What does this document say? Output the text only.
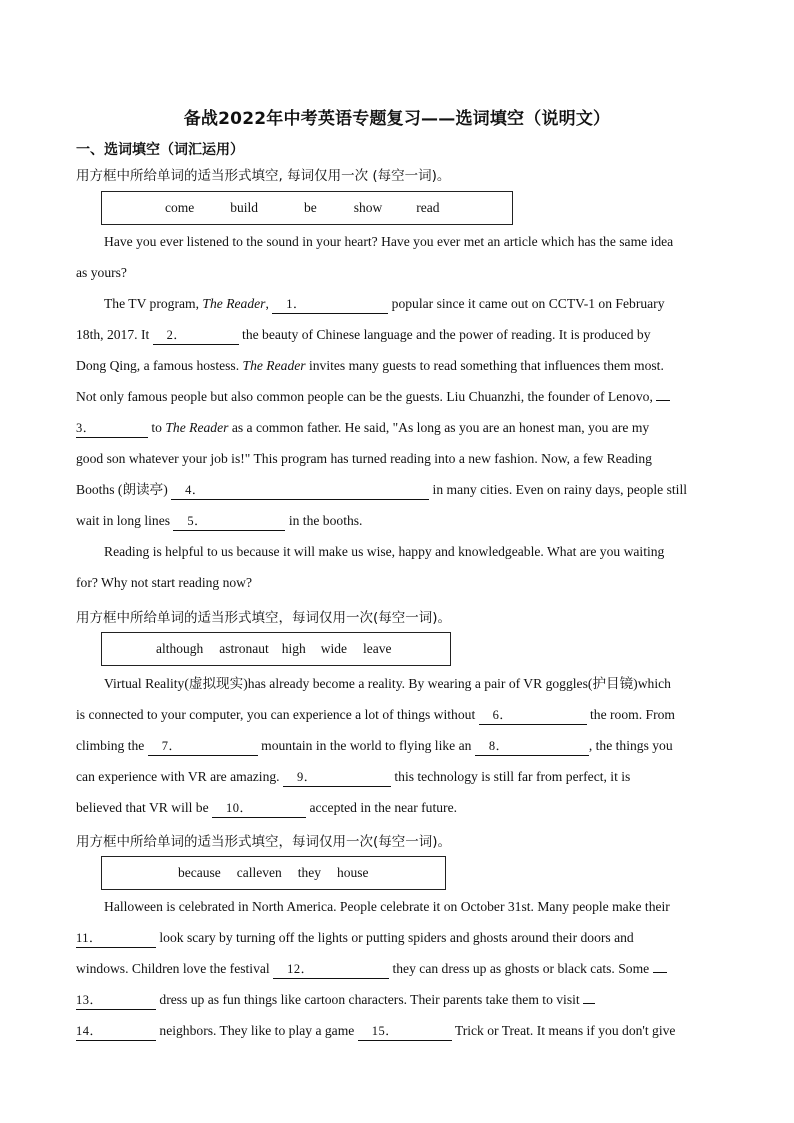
备战2022年中考英语专题复习——选词填空（说明文）
一、选词填空（词汇运用）
用方框中所给单词的适当形式填空, 每词仅用一次 (每空一词)。
come	build	be	show	read
Have you ever listened to the sound in your heart? Have you ever met an article which has the same idea
as yours?
The TV program, The Reader, 1．	popular since it came out on CCTV-1 on February
18th, 2017. It 2．	the beauty of Chinese language and the power of reading. It is produced by
Dong Qing, a famous hostess. The Reader invites many guests to read something that influences them most.
Not only famous people but also common people can be the guests. Liu Chuanzhi, the founder of Lenovo,
3．	to The Reader as a common father. He said, "As long as you are an honest man, you are my
good son whatever your job is!" This program has turned reading into a new fashion. Now, a few Reading
Booths (朗读亭) 4．	in many cities. Even on rainy days, people still
wait in long lines 5．	in the booths.
Reading is helpful to us because it will make us wise, happy and knowledgeable. What are you waiting
for? Why not start reading now?
用方框中所给单词的适当形式填空，每词仅用一次(每空一词)。
although astronaut high wide leave
Virtual Reality(虚拟现实)has already become a reality. By wearing a pair of VR goggles(护目镜)which
is connected to your computer, you can experience a lot of things without 6．	the room. From
climbing the 7．	mountain in the world to flying like an 8．	, the things you
can experience with VR are amazing. 9．	this technology is still far from perfect, it is
believed that VR will be 10．	accepted in the near future.
用方框中所给单词的适当形式填空，每词仅用一次(每空一词)。
because calleven they house
Halloween is celebrated in North America. People celebrate it on October 31st. Many people make their
11．	look scary by turning off the lights or putting spiders and ghosts around their doors and
windows. Children love the festival 12．	they can dress up as ghosts or black cats. Some
13．	dress up as fun things like cartoon characters. Their parents take them to visit
14．	neighbors. They like to play a game 15．	Trick or Treat. It means if you don't give
